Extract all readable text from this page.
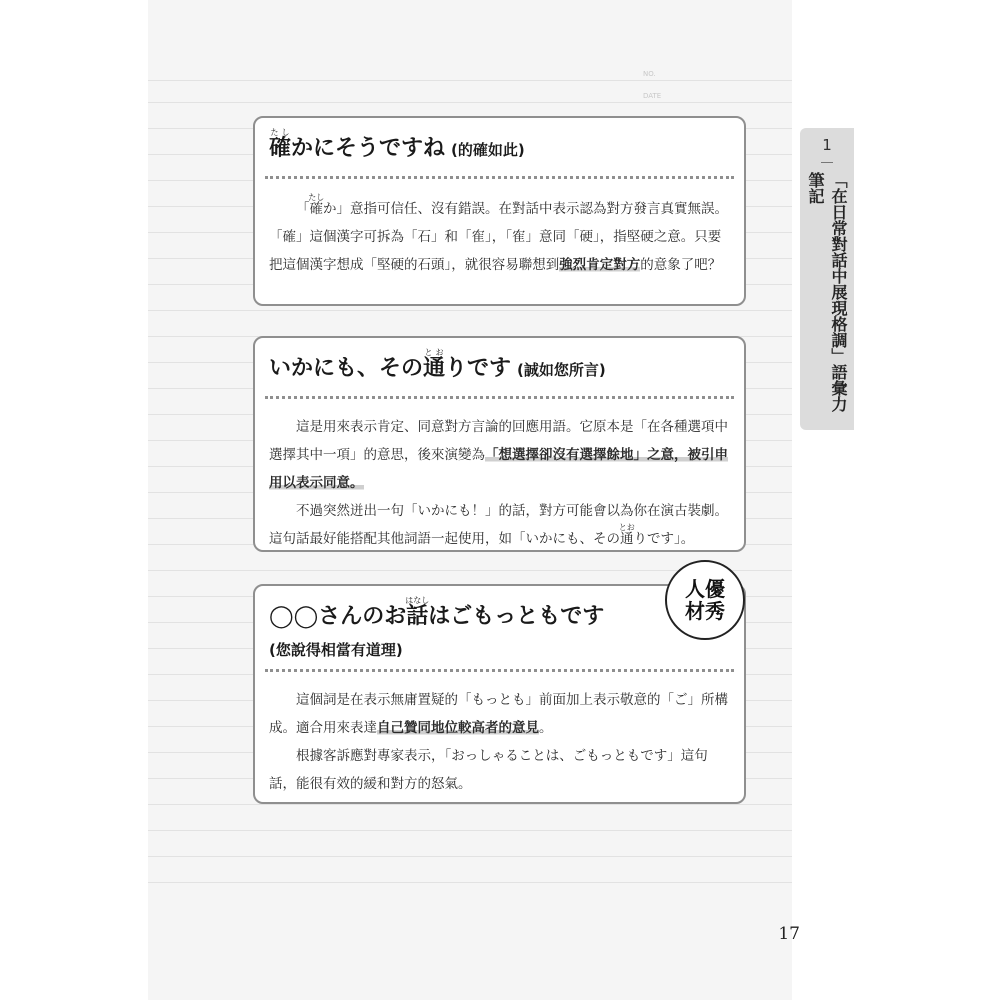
NO.
DATE
確たしかにそうですね (的確如此)

「確たしか」意指可信任、沒有錯誤。在對話中表示認為對方發言真實無誤。「確」這個漢字可拆為「石」和「隺」，「隺」意同「硬」，指堅硬之意。只要把這個漢字想成「堅硬的石頭」，就很容易聯想到強烈肯定對方的意象了吧？

いかにも、その通とおりです (誠如您所言)

這是用來表示肯定、同意對方言論的回應用語。它原本是「在各種選項中選擇其中一項」的意思，後來演變為「想選擇卻沒有選擇餘地」之意，被引申用以表示同意。

不過突然迸出一句「いかにも！」的話，對方可能會以為你在演古裝劇。這句話最好能搭配其他詞語一起使用，如「いかにも、その通とおりです」。

◯◯さんのお話はなしはごもっともです
(您說得相當有道理)

這個詞是在表示無庸置疑的「もっとも」前面加上表示敬意的「ご」所構成。適合用來表達自己贊同地位較高者的意見。

根據客訴應對專家表示，「おっしゃることは、ごもっともです」這句話，能很有效的緩和對方的怒氣。

人優
材秀
1
「在日常對話中展現格調」語彙力筆記
17
